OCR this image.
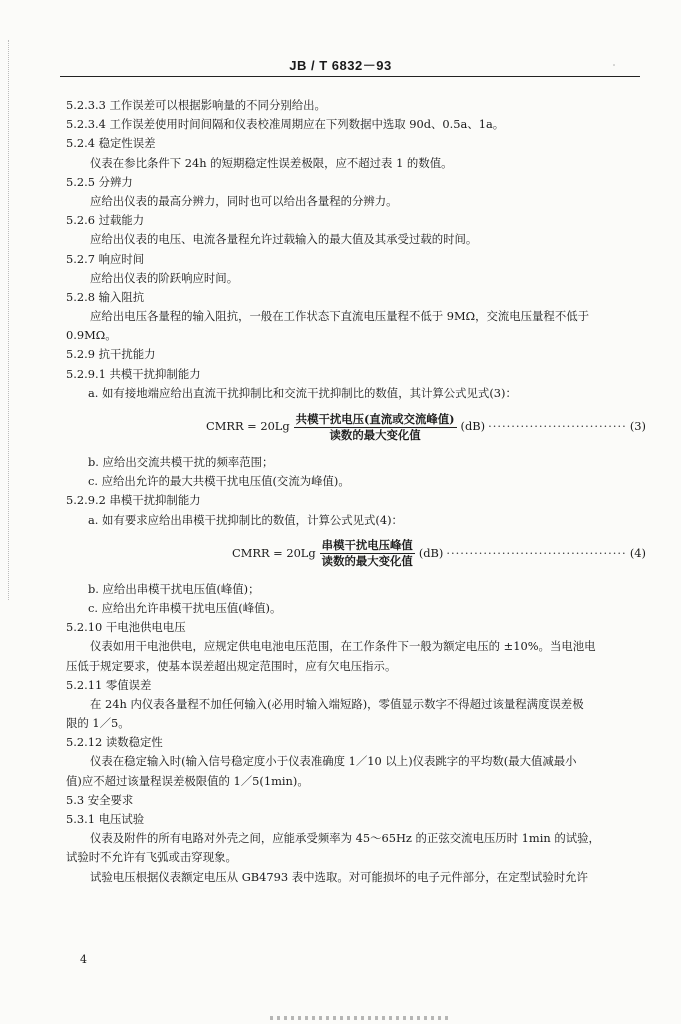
JB / T 6832－93	˙
5.2.3.3 工作误差可以根据影响量的不同分别给出。
5.2.3.4 工作误差使用时间间隔和仪表校准周期应在下列数据中选取 90d、0.5a、1a。
5.2.4 稳定性误差
仪表在参比条件下 24h 的短期稳定性误差极限，应不超过表 1 的数值。
5.2.5 分辨力
应给出仪表的最高分辨力，同时也可以给出各量程的分辨力。
5.2.6 过载能力
应给出仪表的电压、电流各量程允许过载输入的最大值及其承受过载的时间。
5.2.7 响应时间
应给出仪表的阶跃响应时间。
5.2.8 输入阻抗
应给出电压各量程的输入阻抗，一般在工作状态下直流电压量程不低于 9MΩ，交流电压量程不低于
0.9MΩ。
5.2.9 抗干扰能力
5.2.9.1 共模干扰抑制能力
a. 如有接地端应给出直流干扰抑制比和交流干扰抑制比的数值，其计算公式见式(3)：
CMRR = $20Lg \frac{\text{共模干扰电压(直流或交流峰值)}}{\text{读数的最大变化值}} (dB)$ ·····	(3)
b. 应给出交流共模干扰的频率范围；
c. 应给出允许的最大共模干扰电压值(交流为峰值)。
5.2.9.2 串模干扰抑制能力
a. 如有要求应给出串模干扰抑制比的数值，计算公式见式(4)：
CMRR = $20Lg \frac{\text{串模干扰电压峰值}}{\text{读数的最大变化值}} (dB)$ ·····	(4)
b. 应给出串模干扰电压值(峰值)；
c. 应给出允许串模干扰电压值(峰值)。
5.2.10 干电池供电电压
仪表如用干电池供电，应规定供电电池电压范围，在工作条件下一般为额定电压的 ±10%。当电池电
压低于规定要求，使基本误差超出规定范围时，应有欠电压指示。
5.2.11 零值误差
在 24h 内仪表各量程不加任何输入(必用时输入端短路)，零值显示数字不得超过该量程满度误差极
限的 1／5。
5.2.12 读数稳定性
仪表在稳定输入时(输入信号稳定度小于仪表准确度 1／10 以上)仪表跳字的平均数(最大值减最小
值)应不超过该量程误差极限值的 1／5(1min)。
5.3 安全要求
5.3.1 电压试验
仪表及附件的所有电路对外壳之间，应能承受频率为 45～65Hz 的正弦交流电压历时 1min 的试验，
试验时不允许有飞弧或击穿现象。
试验电压根据仪表额定电压从 GB4793 表中选取。对可能损坏的电子元件部分，在定型试验时允许
4
